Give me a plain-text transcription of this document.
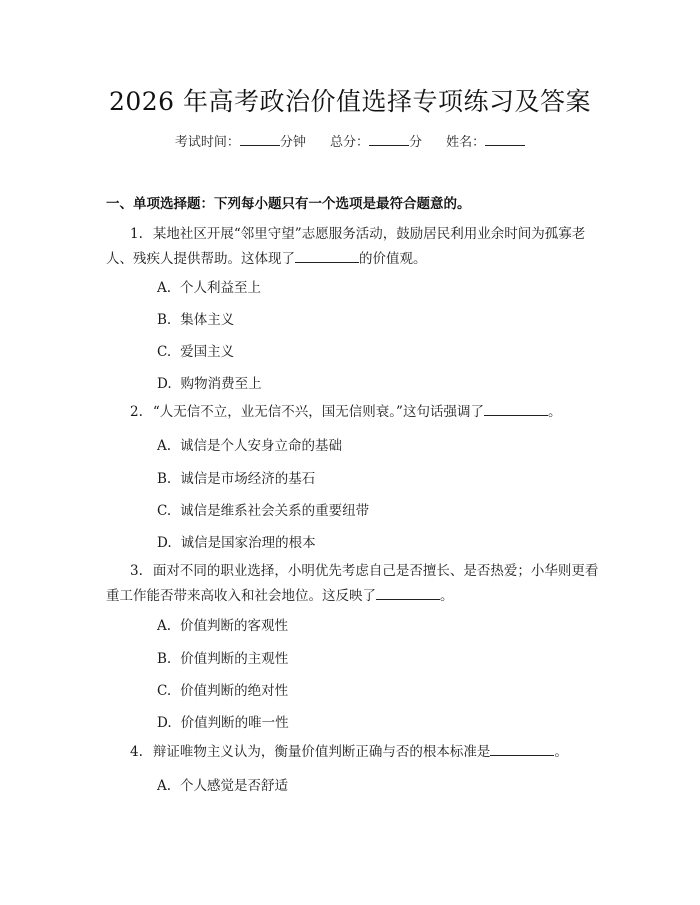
2026 年高考政治价值选择专项练习及答案
考试时间：	分钟 总分：	分 姓名：
一、单项选择题：下列每小题只有一个选项是最符合题意的。
1. 某地社区开展“邻里守望”志愿服务活动，鼓励居民利用业余时间为孤寡老人、残疾人提供帮助。这体现了	的价值观。
A. 个人利益至上
B. 集体主义
C. 爱国主义
D. 购物消费至上
2. “人无信不立，业无信不兴，国无信则衰。”这句话强调了	。
A. 诚信是个人安身立命的基础
B. 诚信是市场经济的基石
C. 诚信是维系社会关系的重要纽带
D. 诚信是国家治理的根本
3. 面对不同的职业选择，小明优先考虑自己是否擅长、是否热爱；小华则更看重工作能否带来高收入和社会地位。这反映了	。
A. 价值判断的客观性
B. 价值判断的主观性
C. 价值判断的绝对性
D. 价值判断的唯一性
4. 辩证唯物主义认为，衡量价值判断正确与否的根本标准是	。
A. 个人感觉是否舒适
